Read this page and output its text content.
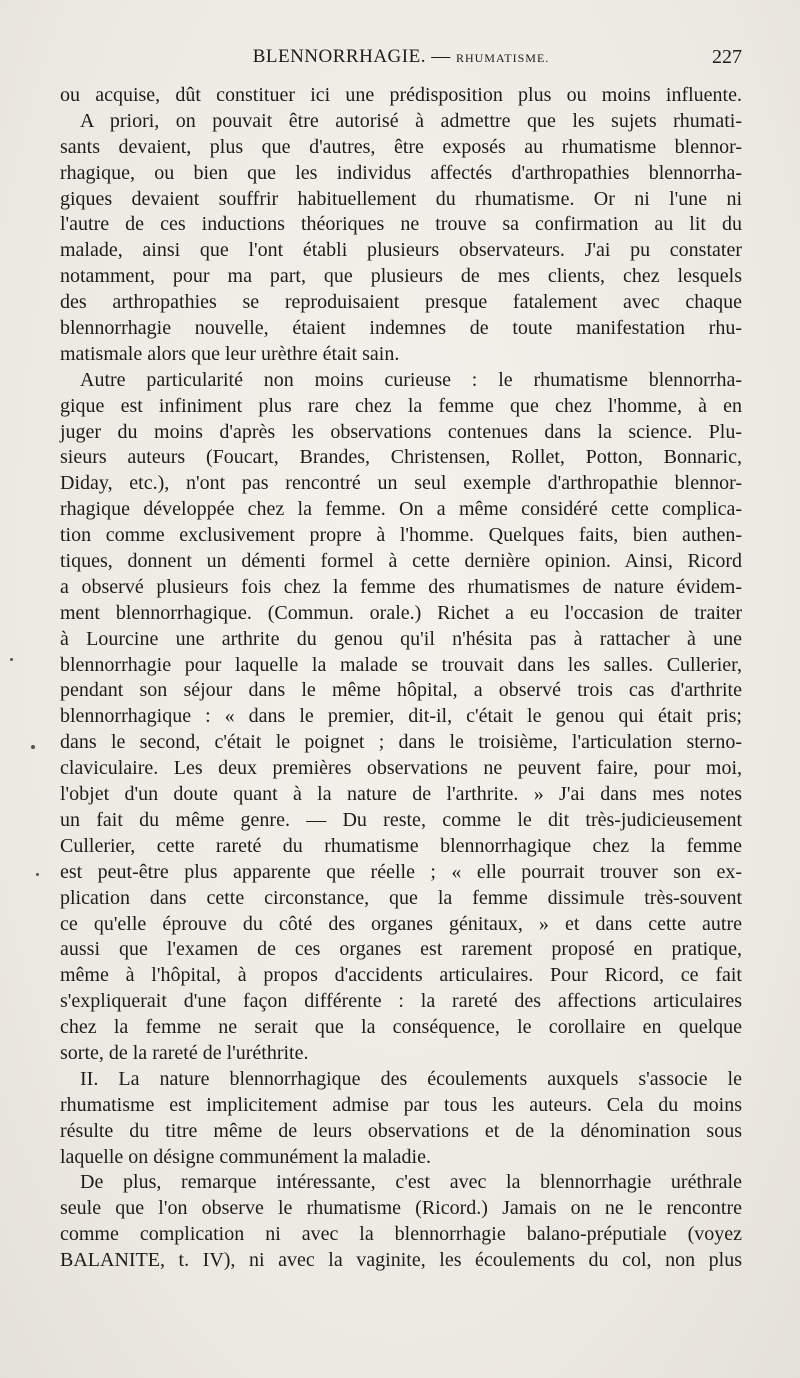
BLENNORRHAGIE. — RHUMATISME.	227
ou acquise, dût constituer ici une prédisposition plus ou moins influente.
A priori, on pouvait être autorisé à admettre que les sujets rhumati-
sants devaient, plus que d'autres, être exposés au rhumatisme blennor-
rhagique, ou bien que les individus affectés d'arthropathies blennorrha-
giques devaient souffrir habituellement du rhumatisme. Or ni l'une ni
l'autre de ces inductions théoriques ne trouve sa confirmation au lit du
malade, ainsi que l'ont établi plusieurs observateurs. J'ai pu constater
notamment, pour ma part, que plusieurs de mes clients, chez lesquels
des arthropathies se reproduisaient presque fatalement avec chaque
blennorrhagie nouvelle, étaient indemnes de toute manifestation rhu-
matismale alors que leur urèthre était sain.
Autre particularité non moins curieuse : le rhumatisme blennorrha-
gique est infiniment plus rare chez la femme que chez l'homme, à en
juger du moins d'après les observations contenues dans la science. Plu-
sieurs auteurs (Foucart, Brandes, Christensen, Rollet, Potton, Bonnaric,
Diday, etc.), n'ont pas rencontré un seul exemple d'arthropathie blennor-
rhagique développée chez la femme. On a même considéré cette complica-
tion comme exclusivement propre à l'homme. Quelques faits, bien authen-
tiques, donnent un démenti formel à cette dernière opinion. Ainsi, Ricord
a observé plusieurs fois chez la femme des rhumatismes de nature évidem-
ment blennorrhagique. (Commun. orale.) Richet a eu l'occasion de traiter
à Lourcine une arthrite du genou qu'il n'hésita pas à rattacher à une
blennorrhagie pour laquelle la malade se trouvait dans les salles. Cullerier,
pendant son séjour dans le même hôpital, a observé trois cas d'arthrite
blennorrhagique : « dans le premier, dit-il, c'était le genou qui était pris;
dans le second, c'était le poignet ; dans le troisième, l'articulation sterno-
claviculaire. Les deux premières observations ne peuvent faire, pour moi,
l'objet d'un doute quant à la nature de l'arthrite. » J'ai dans mes notes
un fait du même genre. — Du reste, comme le dit très-judicieusement
Cullerier, cette rareté du rhumatisme blennorrhagique chez la femme
est peut-être plus apparente que réelle ; « elle pourrait trouver son ex-
plication dans cette circonstance, que la femme dissimule très-souvent
ce qu'elle éprouve du côté des organes génitaux, » et dans cette autre
aussi que l'examen de ces organes est rarement proposé en pratique,
même à l'hôpital, à propos d'accidents articulaires. Pour Ricord, ce fait
s'expliquerait d'une façon différente : la rareté des affections articulaires
chez la femme ne serait que la conséquence, le corollaire en quelque
sorte, de la rareté de l'uréthrite.
II. La nature blennorrhagique des écoulements auxquels s'associe le
rhumatisme est implicitement admise par tous les auteurs. Cela du moins
résulte du titre même de leurs observations et de la dénomination sous
laquelle on désigne communément la maladie.
De plus, remarque intéressante, c'est avec la blennorrhagie uréthrale
seule que l'on observe le rhumatisme (Ricord.) Jamais on ne le rencontre
comme complication ni avec la blennorrhagie balano-préputiale (voyez
BALANITE, t. IV), ni avec la vaginite, les écoulements du col, non plus
